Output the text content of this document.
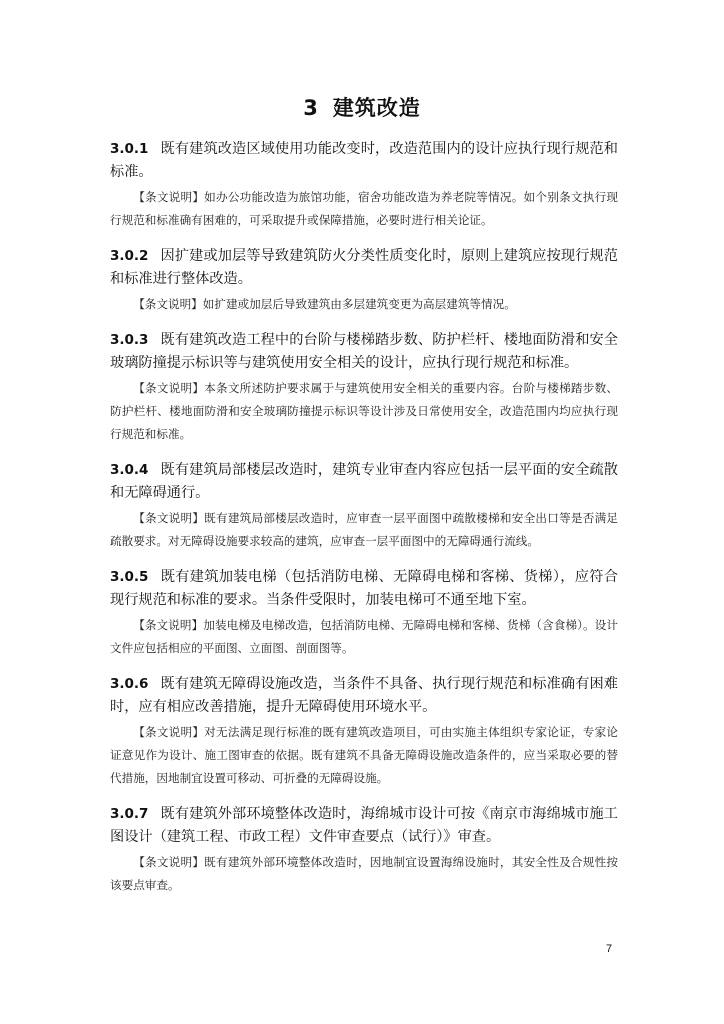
3 建筑改造
3.0.1 既有建筑改造区域使用功能改变时，改造范围内的设计应执行现行规范和标准。
【条文说明】如办公功能改造为旅馆功能，宿舍功能改造为养老院等情况。如个别条文执行现行规范和标准确有困难的，可采取提升或保障措施，必要时进行相关论证。
3.0.2 因扩建或加层等导致建筑防火分类性质变化时，原则上建筑应按现行规范和标准进行整体改造。
【条文说明】如扩建或加层后导致建筑由多层建筑变更为高层建筑等情况。
3.0.3 既有建筑改造工程中的台阶与楼梯踏步数、防护栏杆、楼地面防滑和安全玻璃防撞提示标识等与建筑使用安全相关的设计，应执行现行规范和标准。
【条文说明】本条文所述防护要求属于与建筑使用安全相关的重要内容。台阶与楼梯踏步数、防护栏杆、楼地面防滑和安全玻璃防撞提示标识等设计涉及日常使用安全，改造范围内均应执行现行规范和标准。
3.0.4 既有建筑局部楼层改造时，建筑专业审查内容应包括一层平面的安全疏散和无障碍通行。
【条文说明】既有建筑局部楼层改造时，应审查一层平面图中疏散楼梯和安全出口等是否满足疏散要求。对无障碍设施要求较高的建筑，应审查一层平面图中的无障碍通行流线。
3.0.5 既有建筑加装电梯（包括消防电梯、无障碍电梯和客梯、货梯），应符合现行规范和标准的要求。当条件受限时，加装电梯可不通至地下室。
【条文说明】加装电梯及电梯改造，包括消防电梯、无障碍电梯和客梯、货梯（含食梯）。设计文件应包括相应的平面图、立面图、剖面图等。
3.0.6 既有建筑无障碍设施改造，当条件不具备、执行现行规范和标准确有困难时，应有相应改善措施，提升无障碍使用环境水平。
【条文说明】对无法满足现行标准的既有建筑改造项目，可由实施主体组织专家论证，专家论证意见作为设计、施工图审查的依据。既有建筑不具备无障碍设施改造条件的，应当采取必要的替代措施，因地制宜设置可移动、可折叠的无障碍设施。
3.0.7 既有建筑外部环境整体改造时，海绵城市设计可按《南京市海绵城市施工图设计（建筑工程、市政工程）文件审查要点（试行）》审查。
【条文说明】既有建筑外部环境整体改造时，因地制宜设置海绵设施时，其安全性及合规性按该要点审查。
7
